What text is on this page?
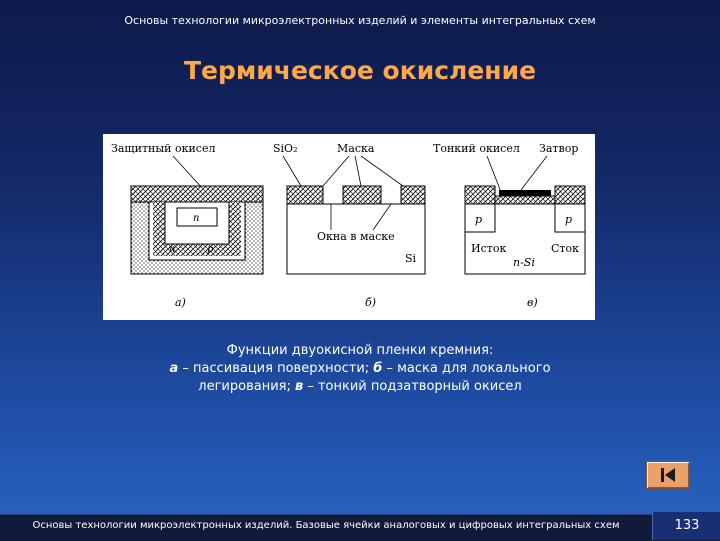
Основы технологии микроэлектронных изделий и элементы интегральных схем
Термическое окисление
Защитный окисел
n
n	p
а)
SiO₂	Маска
Окна в маске
Si
б)
Тонкий окисел Затвор
p	p
Исток	Сток
n-Si
в)
Функции двуокисной пленки кремния:
а – пассивация поверхности; б – маска для локального
легирования; в – тонкий подзатворный окисел
Основы технологии микроэлектронных изделий. Базовые ячейки аналоговых и цифровых интегральных схем	133
